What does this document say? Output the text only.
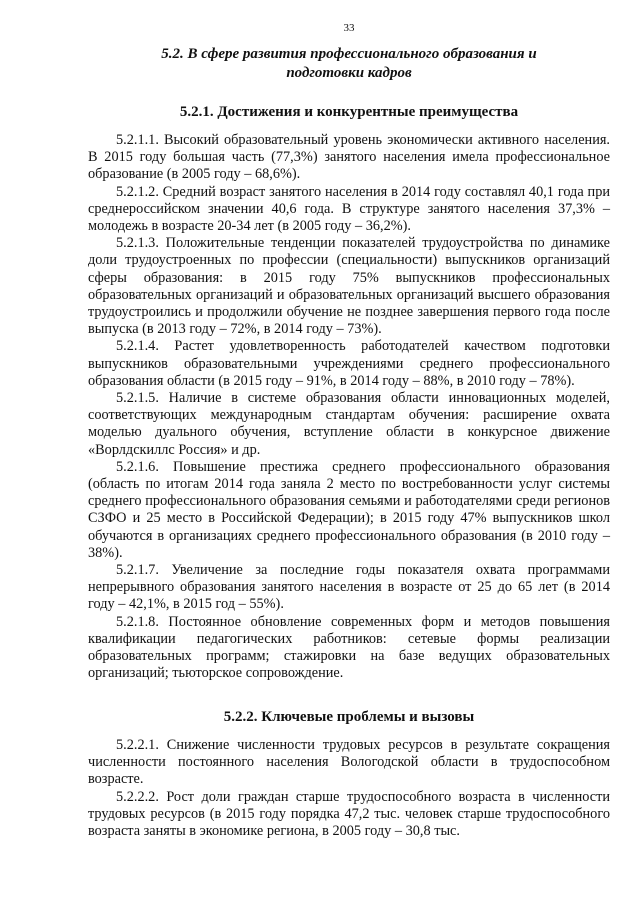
33
5.2. В сфере развития профессионального образования и
подготовки кадров
5.2.1. Достижения и конкурентные преимущества

5.2.1.1. Высокий образовательный уровень экономически активного населения. В 2015 году большая часть (77,3%) занятого населения имела профессиональное образование (в 2005 году – 68,6%).

5.2.1.2. Средний возраст занятого населения в 2014 году составлял 40,1 года при среднероссийском значении 40,6 года. В структуре занятого населения 37,3% – молодежь в возрасте 20-34 лет (в 2005 году – 36,2%).

5.2.1.3. Положительные тенденции показателей трудоустройства по динамике доли трудоустроенных по профессии (специальности) выпускников организаций сферы образования: в 2015 году 75% выпускников профессиональных образовательных организаций и образовательных организаций высшего образования трудоустроились и продолжили обучение не позднее завершения первого года после выпуска (в 2013 году – 72%, в 2014 году – 73%).

5.2.1.4. Растет удовлетворенность работодателей качеством подготовки выпускников образовательными учреждениями среднего профессионального образования области (в 2015 году – 91%, в 2014 году – 88%, в 2010 году – 78%).

5.2.1.5. Наличие в системе образования области инновационных моделей, соответствующих международным стандартам обучения: расширение охвата моделью дуального обучения, вступление области в конкурсное движение «Ворлдскиллс Россия» и др.

5.2.1.6. Повышение престижа среднего профессионального образования (область по итогам 2014 года заняла 2 место по востребованности услуг системы среднего профессионального образования семьями и работодателями среди регионов СЗФО и 25 место в Российской Федерации); в 2015 году 47% выпускников школ обучаются в организациях среднего профессионального образования (в 2010 году – 38%).

5.2.1.7. Увеличение за последние годы показателя охвата программами непрерывного образования занятого населения в возрасте от 25 до 65 лет (в 2014 году – 42,1%, в 2015 год – 55%).

5.2.1.8. Постоянное обновление современных форм и методов повышения квалификации педагогических работников: сетевые формы реализации образовательных программ; стажировки на базе ведущих образовательных организаций; тьюторское сопровождение.

5.2.2. Ключевые проблемы и вызовы

5.2.2.1. Снижение численности трудовых ресурсов в результате сокращения численности постоянного населения Вологодской области в трудоспособном возрасте.

5.2.2.2. Рост доли граждан старше трудоспособного возраста в численности трудовых ресурсов (в 2015 году порядка 47,2 тыс. человек старше трудоспособного возраста заняты в экономике региона, в 2005 году – 30,8 тыс.
